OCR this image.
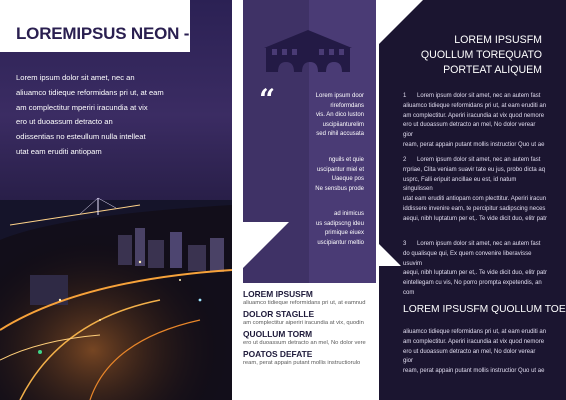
LOREMIPSUS NEON -
Lorem ipsum dolor sit amet, nec an
aliuamco tidieque reformidans pri ut, at eam
am complectitur mperiri iracundia at vix
ero ut duoassum detracto an
odissentias no esteullum nulla intelleat
utat eam eruditi antiopam
“	Lorem ipsum door
rireformdans
vis. An dico luston
uscipiianturelim
sed nihil accusata
nguils et quie
uscipantur miel et
Uaeque pos
Ne sensbus prode
ad inimicus
us sadipscng ideu
primique eiuex
uscipiantur meltio
LOREM IPSUSFM
aliuamco tidieque reformidans pri ut, at eamnud
DOLOR STAGLLE
am complectitur aiperiri iracundia at vix, quodin
QUOLLUM TORM
ero ut duoassum detracto an mel, No dolor vere
POATOS DEFATE
ream, perat appain putant mollis instructiorulo
LOREM IPSUSFM
QUOLLUM TOREQUATO
PORTEAT ALIQUEM
1 Lorem ipsum dolor sit amet, nec an autem fast
aliuamco tidieque reformidans pri ut, at eam eruditi an
am complectitur. Aperiri iracundia at vix quod nemore
ero ut duoassum detracto an mel, No dolor verear gior
ream, perat appain putant mollis instructior Quo ut ae
2 Lorem ipsum dolor sit amet, nec an autem fast
rrpriae, Clita veniam suavir tate eu jus, probo dicta aq
usprc, Falli eripuit ancillae eu est, id natum singulissen
utat eam eruditi antiopam com plecttitur. Aperiri iracun
iddissere invenire eam, te percipitur sadipscing neces
aequi, nibh luptatum per et,. Te vide dicit duo, elitr patr
3 Lorem ipsum dolor sit amet, nec an autem fast
do qualisque qui, Ex quem convenire liberavisse usuvim
aequi, nibh luptatum per et,. Te vide dicit duo, elitr patr
eintellegam cu vis, No porro prompta expetendis, an com
LOREM IPSUSFM QUOLLUM TOE
aliuamco tidieque reformidans pri ut, at eam eruditi an
am complectitur. Aperiri iracundia at vix quod nemore
ero ut duoassum detracto an mel, No dolor verear gior
ream, perat appain putant mollis instructior Quo ut ae
